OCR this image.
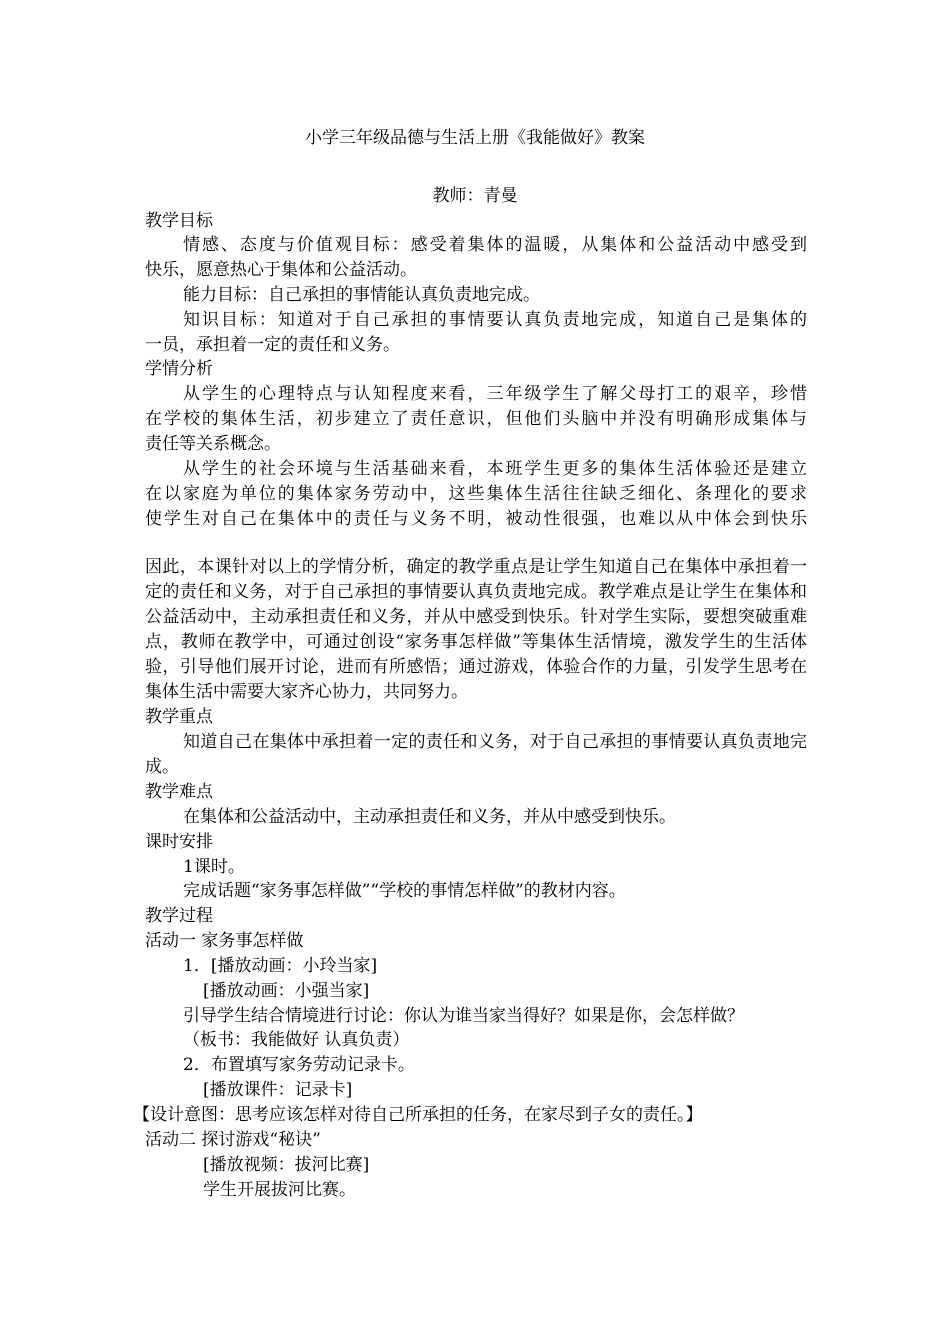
小学三年级品德与生活上册《我能做好》教案
教师：青曼
教学目标
情感、态度与价值观目标：感受着集体的温暖，从集体和公益活动中感受到
快乐，愿意热心于集体和公益活动。
能力目标：自己承担的事情能认真负责地完成。
知识目标：知道对于自己承担的事情要认真负责地完成，知道自己是集体的
一员，承担着一定的责任和义务。
学情分析
从学生的心理特点与认知程度来看，三年级学生了解父母打工的艰辛，珍惜
在学校的集体生活，初步建立了责任意识，但他们头脑中并没有明确形成集体与
责任等关系概念。
从学生的社会环境与生活基础来看，本班学生更多的集体生活体验还是建立
在以家庭为单位的集体家务劳动中，这些集体生活往往缺乏细化、条理化的要求
使学生对自己在集体中的责任与义务不明，被动性很强，也难以从中体会到快乐
因此，本课针对以上的学情分析，确定的教学重点是让学生知道自己在集体中承担着一定的责任和义务，对于自己承担的事情要认真负责地完成。教学难点是让学生在集体和公益活动中，主动承担责任和义务，并从中感受到快乐。针对学生实际，要想突破重难点，教师在教学中，可通过创设“家务事怎样做”等集体生活情境，激发学生的生活体验，引导他们展开讨论，进而有所感悟；通过游戏，体验合作的力量，引发学生思考在集体生活中需要大家齐心协力，共同努力。
教学重点
知道自己在集体中承担着一定的责任和义务，对于自己承担的事情要认真负责地完成。
教学难点
在集体和公益活动中，主动承担责任和义务，并从中感受到快乐。
课时安排
1课时。
完成话题“家务事怎样做”“学校的事情怎样做”的教材内容。
教学过程
活动一 家务事怎样做
1．[播放动画：小玲当家]
[播放动画：小强当家]
引导学生结合情境进行讨论：你认为谁当家当得好？如果是你，会怎样做？
（板书：我能做好 认真负责）
2．布置填写家务劳动记录卡。
[播放课件：记录卡]
【设计意图：思考应该怎样对待自己所承担的任务，在家尽到子女的责任。】
活动二 探讨游戏“秘诀”
[播放视频：拔河比赛]
学生开展拔河比赛。
